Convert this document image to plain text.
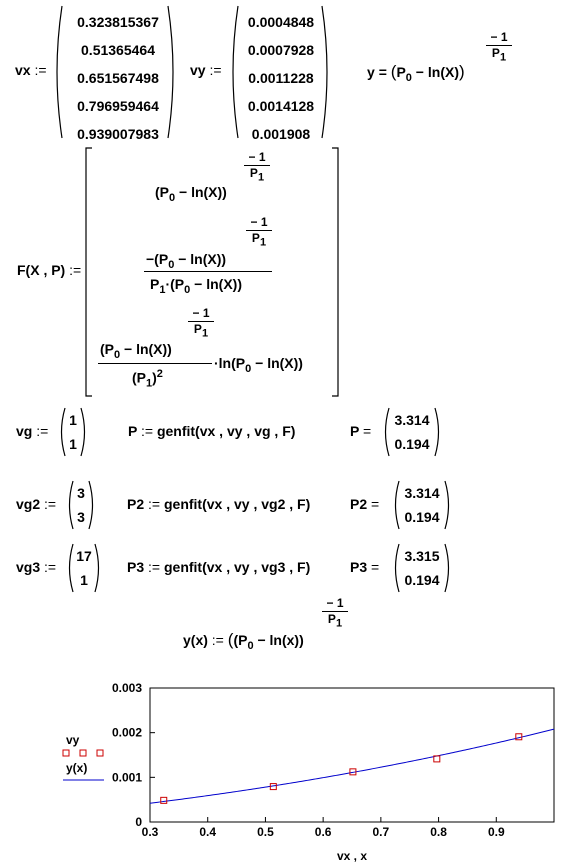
vx :=
0.323815367
0.51365464
0.651567498
0.796959464
0.939007983
vy :=
0.0004848
0.0007928
0.0011228
0.0014128
0.001908
$y = (P_0 - \ln(X))$
− 1
$P_1$
F(X , P) :=
$(P_0 - \ln(X))$
− 1
$P_1$
$-(P_0 - \ln(X))$
− 1
$P_1$
$P_1\cdot(P_0 - \ln(X))$
$(P_0 - \ln(X))$
− 1
$P_1$
$(P_1)^2$
$\cdot\ln(P_0 - \ln(X))$
vg :=
1
1
P := genfit(vx , vy , vg , F)	P =
3.314
0.194
vg2 :=
3
3
P2 := genfit(vx , vy , vg2 , F)	P2 =
3.314
0.194
vg3 :=
17
1
P3 := genfit(vx , vy , vg3 , F)	P3 =
3.315
0.194
y(x) := ($(P_0 - \ln(x))$
− 1
$P_1$
0.3	0.4	0.5	0.6	0.7	0.8	0.9
0
0.001
0.002
0.003
vx , x
vy
y(x)
